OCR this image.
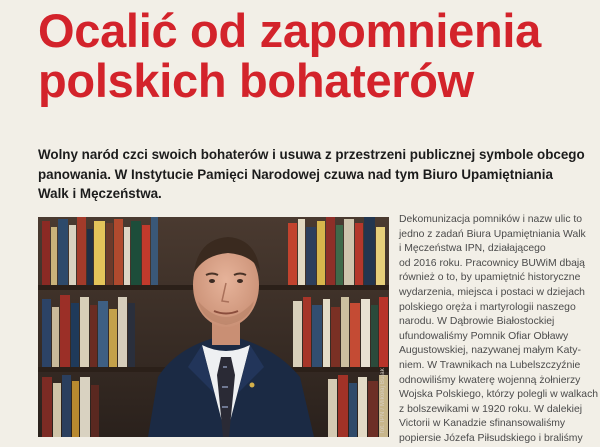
Ocalić od zapomnienia
polskich bohaterów

Wolny naród czci swoich bohaterów i usuwa z przestrzeni publicznej symbole obcego
panowania. W Instytucie Pamięci Narodowej czuwa nad tym Biuro Upamiętniania
Walk i Męczeństwa.

fot. IPN / Mikołaj Bujak
Dekomunizacja pomników i nazw ulic to
jedno z zadań Biura Upamiętniania Walk
i Męczeństwa IPN, działającego
od 2016 roku. Pracownicy BUWiM dbają
również o to, by upamiętnić historyczne
wydarzenia, miejsca i postaci w dziejach
polskiego oręża i martyrologii naszego
narodu. W Dąbrowie Białostockiej
ufundowaliśmy Pomnik Ofiar Obławy
Augustowskiej, nazywanej małym Katy-
niem. W Trawnikach na Lubelszczyźnie
odnowiliśmy kwaterę wojenną żołnierzy
Wojska Polskiego, którzy polegli w walkach
z bolszewikami w 1920 roku. W dalekiej
Victorii w Kanadzie sfinansowaliśmy
popiersie Józefa Piłsudskiego i braliśmy
